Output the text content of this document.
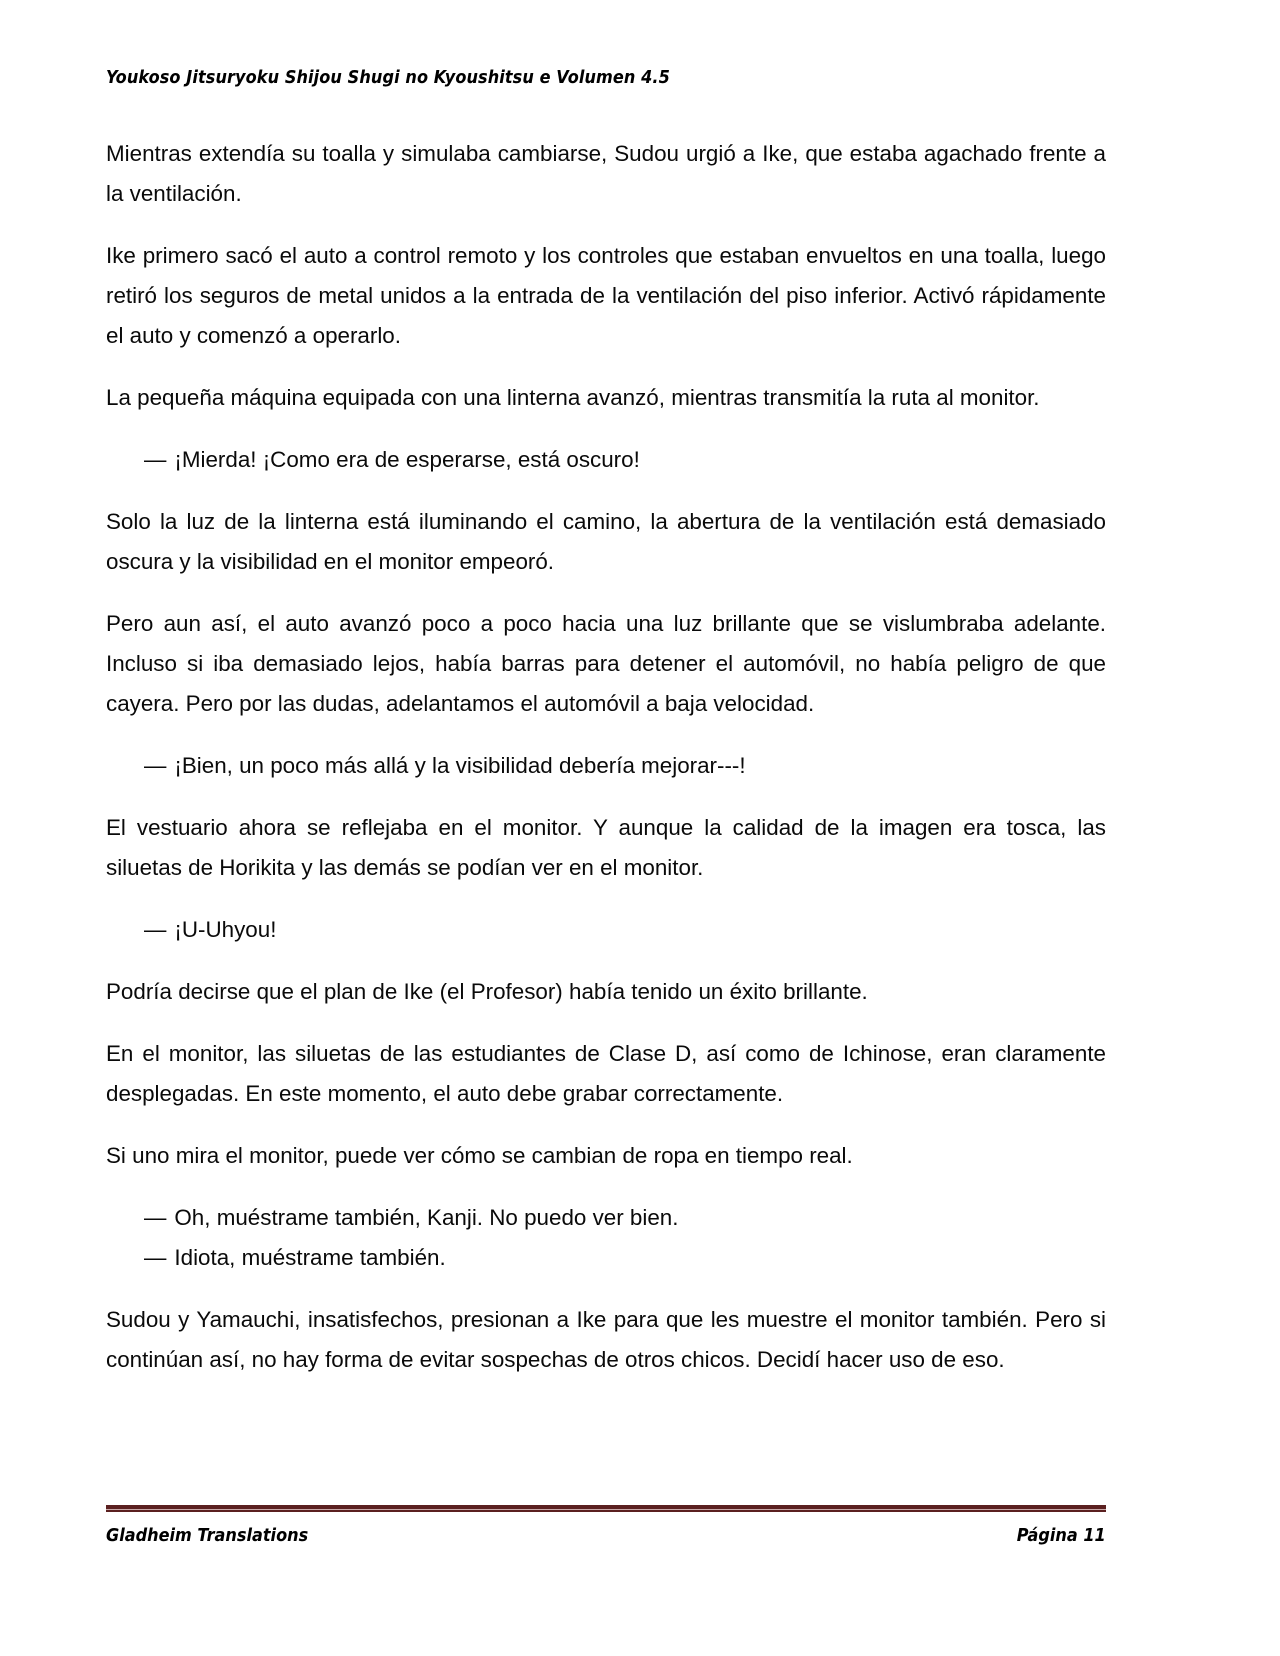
Youkoso Jitsuryoku Shijou Shugi no Kyoushitsu e Volumen 4.5

Mientras extendía su toalla y simulaba cambiarse, Sudou urgió a Ike, que estaba agachado frente a la ventilación.

Ike primero sacó el auto a control remoto y los controles que estaban envueltos en una toalla, luego retiró los seguros de metal unidos a la entrada de la ventilación del piso inferior. Activó rápidamente el auto y comenzó a operarlo.

La pequeña máquina equipada con una linterna avanzó, mientras transmitía la ruta al monitor.

— ¡Mierda! ¡Como era de esperarse, está oscuro!

Solo la luz de la linterna está iluminando el camino, la abertura de la ventilación está demasiado oscura y la visibilidad en el monitor empeoró.

Pero aun así, el auto avanzó poco a poco hacia una luz brillante que se vislumbraba adelante. Incluso si iba demasiado lejos, había barras para detener el automóvil, no había peligro de que cayera. Pero por las dudas, adelantamos el automóvil a baja velocidad.

— ¡Bien, un poco más allá y la visibilidad debería mejorar---!

El vestuario ahora se reflejaba en el monitor. Y aunque la calidad de la imagen era tosca, las siluetas de Horikita y las demás se podían ver en el monitor.

— ¡U-Uhyou!

Podría decirse que el plan de Ike (el Profesor) había tenido un éxito brillante.

En el monitor, las siluetas de las estudiantes de Clase D, así como de Ichinose, eran claramente desplegadas. En este momento, el auto debe grabar correctamente.

Si uno mira el monitor, puede ver cómo se cambian de ropa en tiempo real.

— Oh, muéstrame también, Kanji. No puedo ver bien.

— Idiota, muéstrame también.

Sudou y Yamauchi, insatisfechos, presionan a Ike para que les muestre el monitor también. Pero si continúan así, no hay forma de evitar sospechas de otros chicos. Decidí hacer uso de eso.

Gladheim Translations	Página 11
